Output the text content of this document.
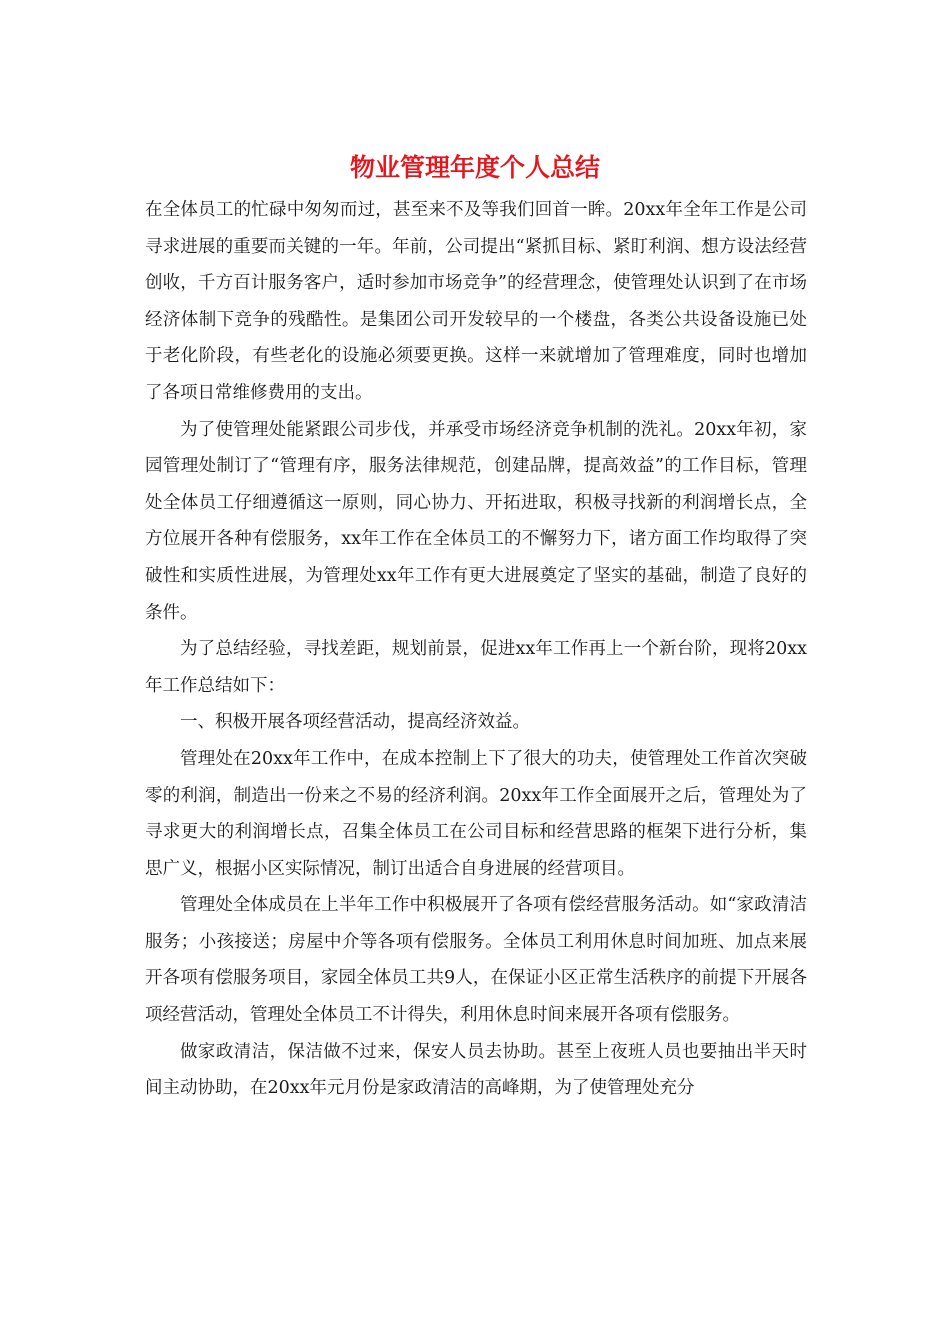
物业管理年度个人总结

在全体员工的忙碌中匆匆而过，甚至来不及等我们回首一眸。20xx年全年工作是公司寻求进展的重要而关键的一年。年前，公司提出“紧抓目标、紧盯利润、想方设法经营创收，千方百计服务客户，适时参加市场竞争”的经营理念，使管理处认识到了在市场经济体制下竞争的残酷性。是集团公司开发较早的一个楼盘，各类公共设备设施已处于老化阶段，有些老化的设施必须要更换。这样一来就增加了管理难度，同时也增加了各项日常维修费用的支出。

为了使管理处能紧跟公司步伐，并承受市场经济竞争机制的洗礼。20xx年初，家园管理处制订了“管理有序，服务法律规范，创建品牌，提高效益”的工作目标，管理处全体员工仔细遵循这一原则，同心协力、开拓进取，积极寻找新的利润增长点，全方位展开各种有偿服务，xx年工作在全体员工的不懈努力下，诸方面工作均取得了突破性和实质性进展，为管理处xx年工作有更大进展奠定了坚实的基础，制造了良好的条件。

为了总结经验，寻找差距，规划前景，促进xx年工作再上一个新台阶，现将20xx年工作总结如下：

一、积极开展各项经营活动，提高经济效益。

管理处在20xx年工作中，在成本控制上下了很大的功夫，使管理处工作首次突破零的利润，制造出一份来之不易的经济利润。20xx年工作全面展开之后，管理处为了寻求更大的利润增长点，召集全体员工在公司目标和经营思路的框架下进行分析，集思广义，根据小区实际情况，制订出适合自身进展的经营项目。

管理处全体成员在上半年工作中积极展开了各项有偿经营服务活动。如“家政清洁服务；小孩接送；房屋中介等各项有偿服务。全体员工利用休息时间加班、加点来展开各项有偿服务项目，家园全体员工共9人，在保证小区正常生活秩序的前提下开展各项经营活动，管理处全体员工不计得失，利用休息时间来展开各项有偿服务。

做家政清洁，保洁做不过来，保安人员去协助。甚至上夜班人员也要抽出半天时间主动协助，在20xx年元月份是家政清洁的高峰期，为了使管理处充分
